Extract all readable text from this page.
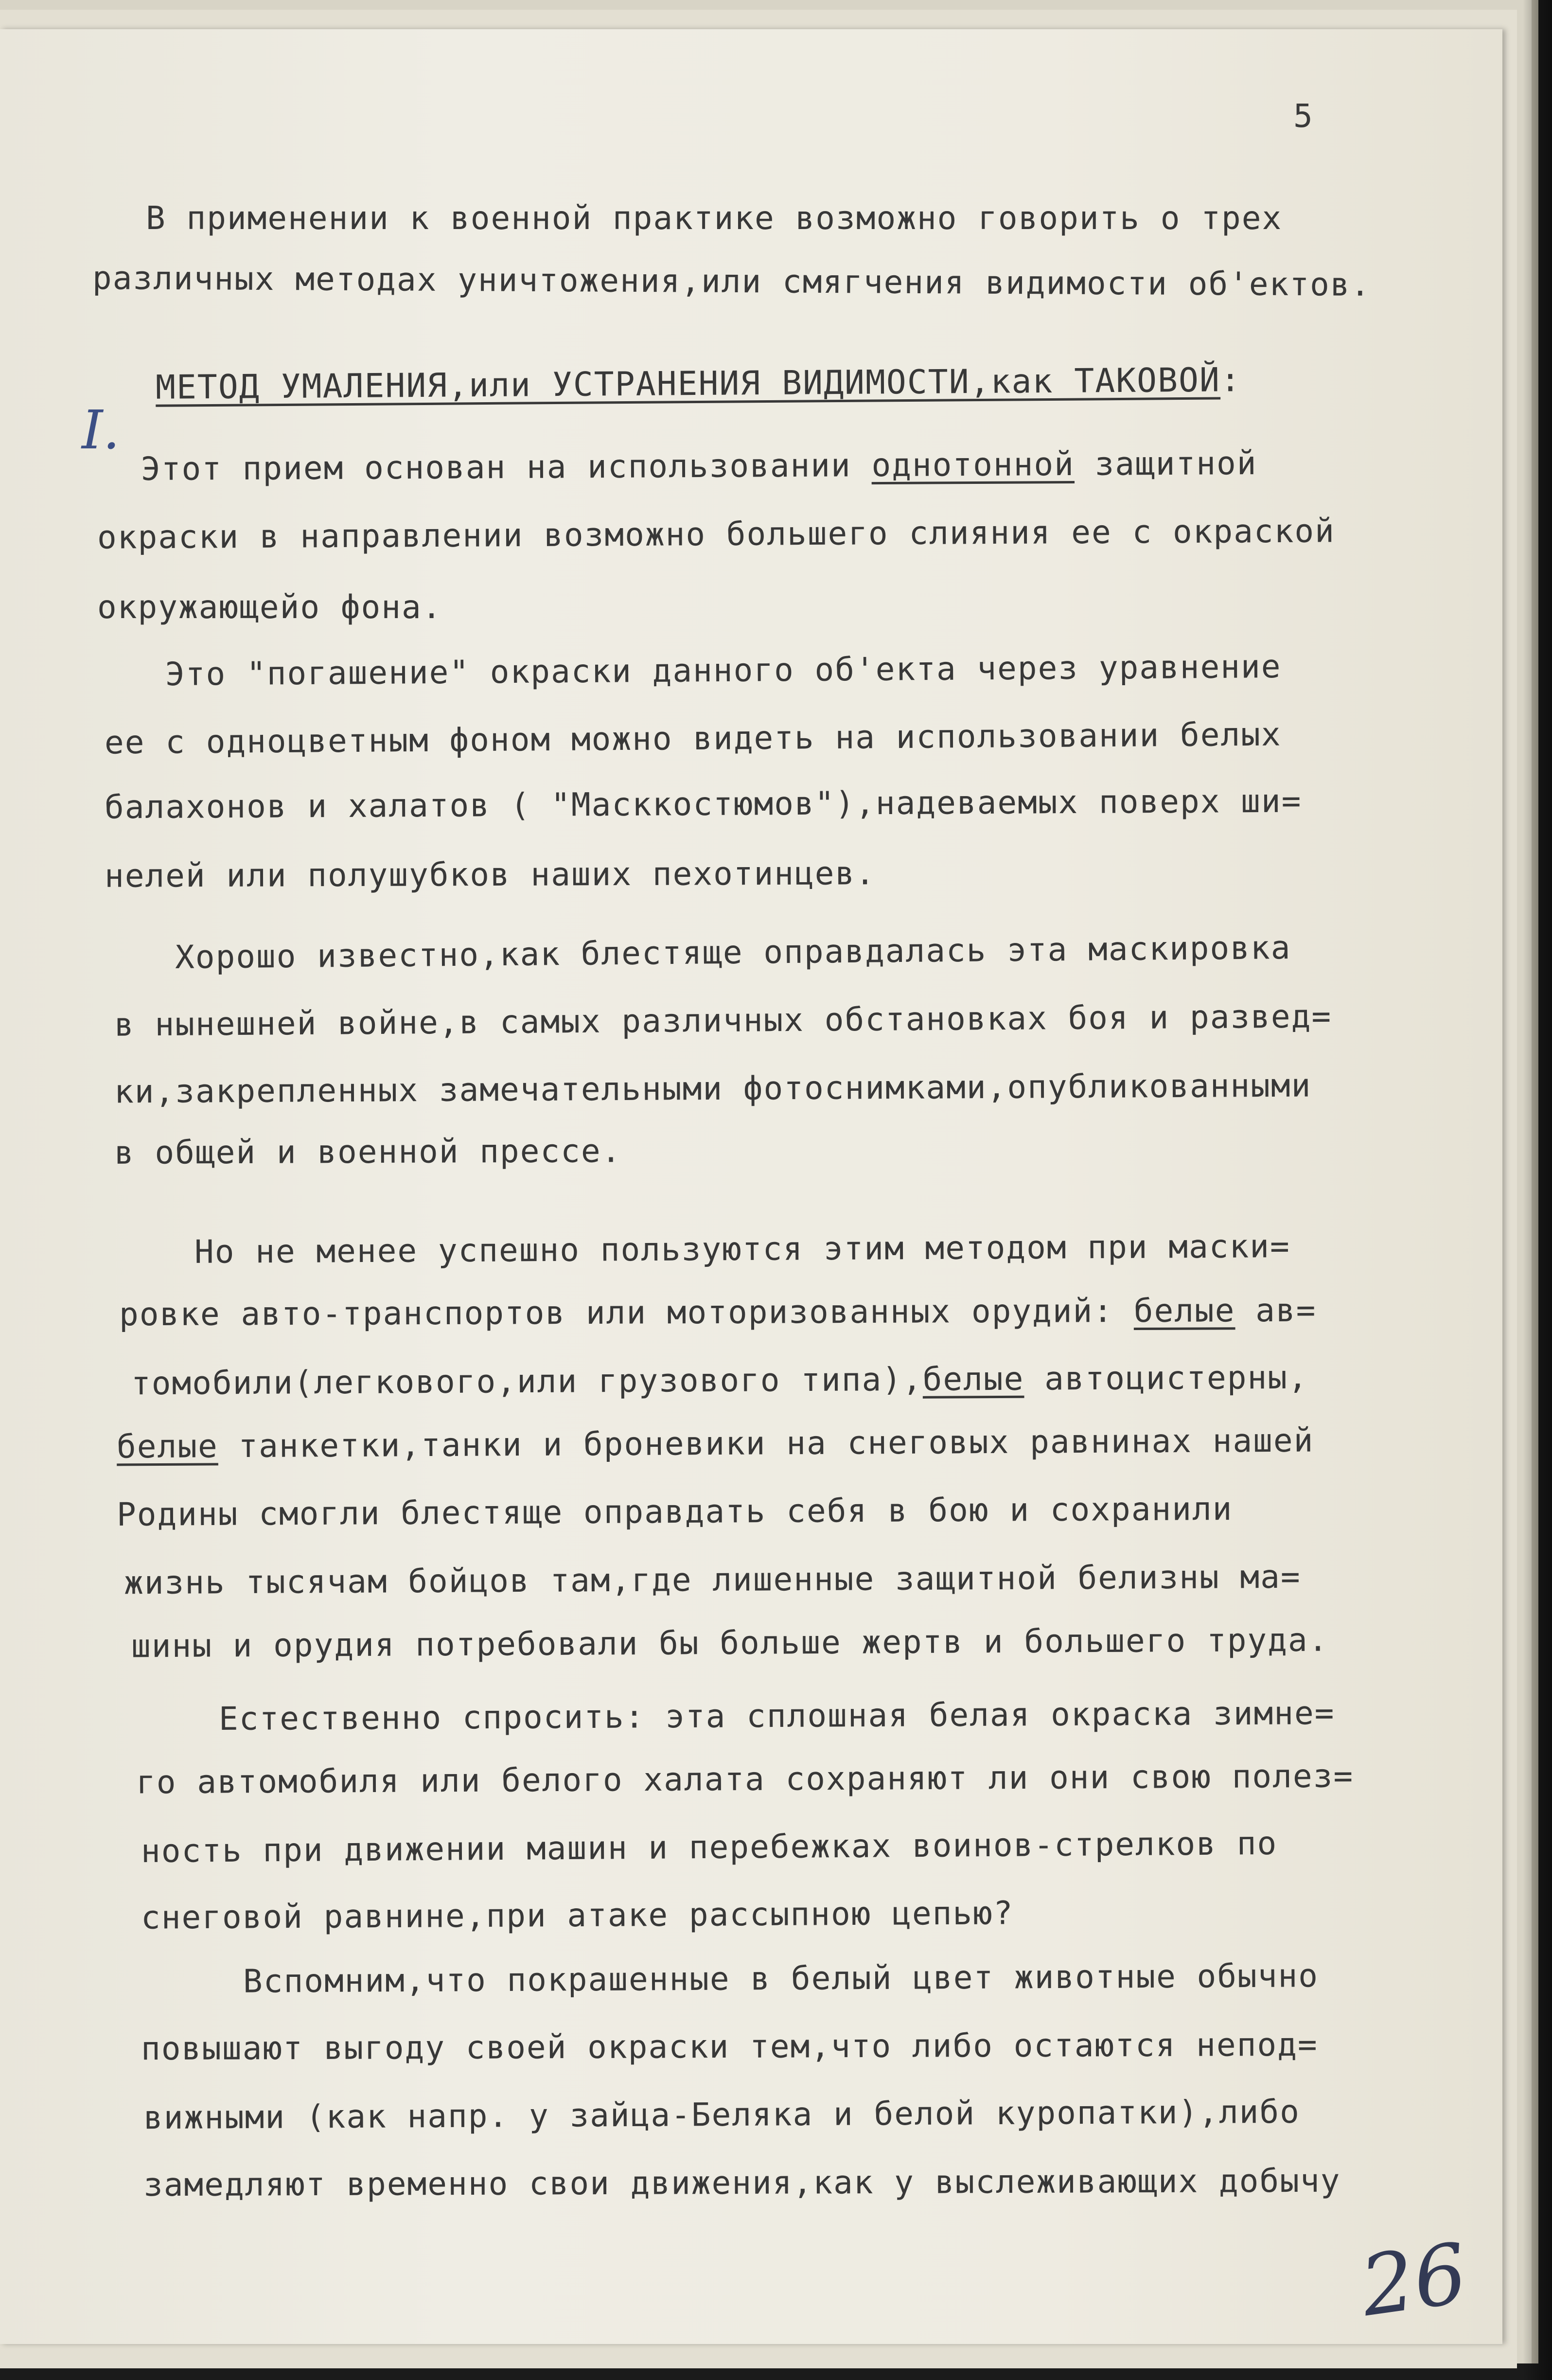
5
I.
В применении к военной практике возможно говорить о трех
различных методах уничтожения,или смягчения видимости об'ектов.
МЕТОД УМАЛЕНИЯ,или УСТРАНЕНИЯ ВИДИМОСТИ,как ТАКОВОЙ:
Этот прием основан на использовании однотонной защитной
окраски в направлении возможно большего слияния ее с окраской
окружающейо фона.
Это "погашение" окраски данного об'екта через уравнение
ее с одноцветным фоном можно видеть на использовании белых
балахонов и халатов ( "Масккостюмов"),надеваемых поверх ши=
нелей или полушубков наших пехотинцев.
Хорошо известно,как блестяще оправдалась эта маскировка
в нынешней войне,в самых различных обстановках боя и развед=
ки,закрепленных замечательными фотоснимками,опубликованными
в общей и военной прессе.
Но не менее успешно пользуются этим методом при маски=
ровке авто-транспортов или моторизованных орудий: белые ав=
томобили(легкового,или грузового типа),белые автоцистерны,
белые танкетки,танки и броневики на снеговых равнинах нашей
Родины смогли блестяще оправдать себя в бою и сохранили
жизнь тысячам бойцов там,где лишенные защитной белизны ма=
шины и орудия потребовали бы больше жертв и большего труда.
Естественно спросить: эта сплошная белая окраска зимне=
го автомобиля или белого халата сохраняют ли они свою полез=
ность при движении машин и перебежках воинов-стрелков по
снеговой равнине,при атаке рассыпною цепью?
Вспомним,что покрашенные в белый цвет животные обычно
повышают выгоду своей окраски тем,что либо остаются непод=
вижными (как напр. у зайца-Беляка и белой куропатки),либо
замедляют временно свои движения,как у выслеживающих добычу
26
